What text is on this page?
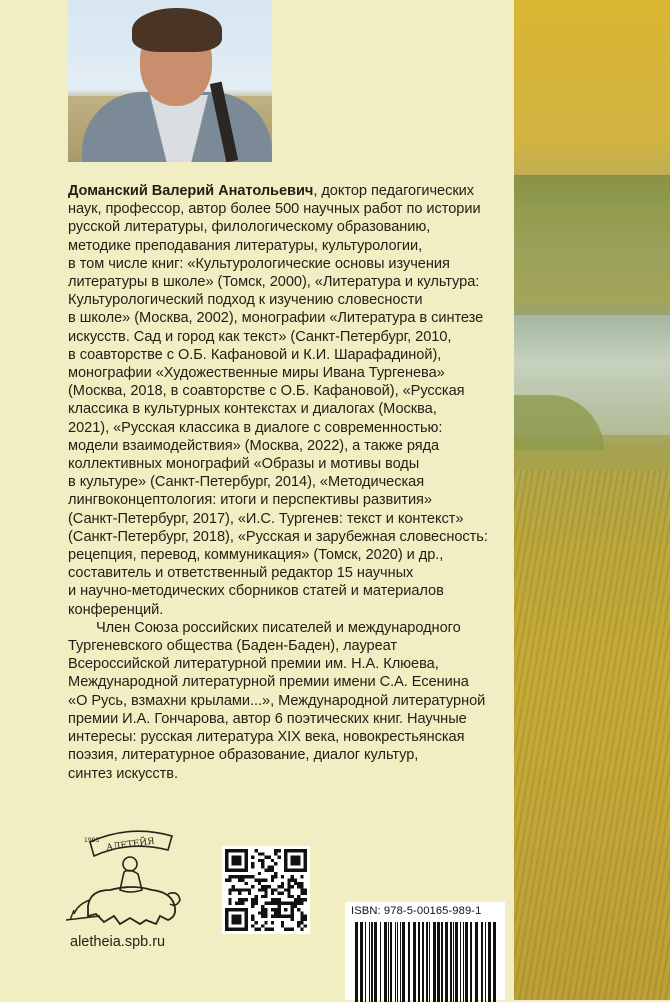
Доманский Валерий Анатольевич, доктор педагогических
наук, профессор, автор более 500 научных работ по истории
русской литературы, филологическому образованию,
методике преподавания литературы, культурологии,
в том числе книг: «Культурологические основы изучения
литературы в школе» (Томск, 2000), «Литература и культура:
Культурологический подход к изучению словесности
в школе» (Москва, 2002), монографии «Литература в синтезе
искусств. Сад и город как текст» (Санкт-Петербург, 2010,
в соавторстве с О.Б. Кафановой и К.И. Шарафадиной),
монографии «Художественные миры Ивана Тургенева»
(Москва, 2018, в соавторстве с О.Б. Кафановой), «Русская
классика в культурных контекстах и диалогах (Москва,
2021), «Русская классика в диалоге с современностью:
модели взаимодействия» (Москва, 2022), а также ряда
коллективных монографий «Образы и мотивы воды
в культуре» (Санкт-Петербург, 2014), «Методическая
лингвоконцептология: итоги и перспективы развития»
(Санкт-Петербург, 2017), «И.С. Тургенев: текст и контекст»
(Санкт-Петербург, 2018), «Русская и зарубежная словесность:
рецепция, перевод, коммуникация» (Томск, 2020) и др.,
составитель и ответственный редактор 15 научных
и научно-методических сборников статей и материалов
конференций.

Член Союза российских писателей и международного
Тургеневского общества (Баден-Баден), лауреат
Всероссийской литературной премии им. Н.А. Клюева,
Международной литературной премии имени С.А. Есенина
«О Русь, взмахни крылами...», Международной литературной
премии И.А. Гончарова, автор 6 поэтических книг. Научные
интересы: русская литература XIX века, новокрестьянская
поэзия, литературное образование, диалог культур,
синтез искусств.

АЛЕТЕЙЯ
1993
aletheia.spb.ru
ISBN: 978-5-00165-989-1
